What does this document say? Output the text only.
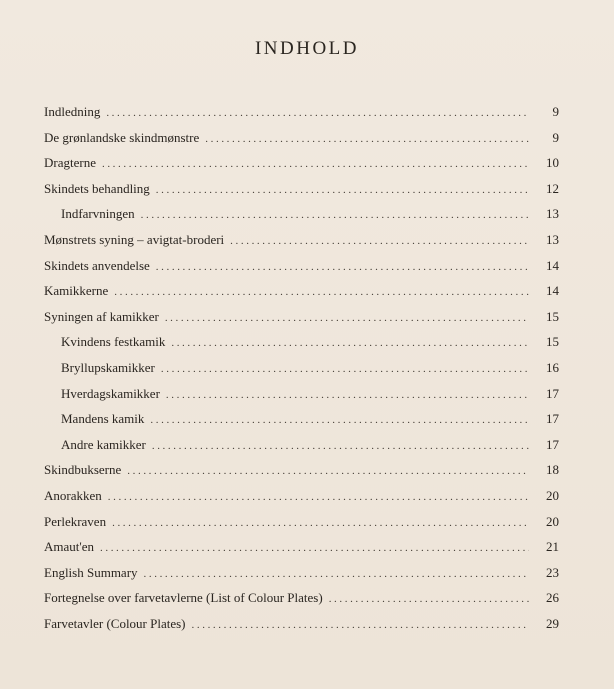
INDHOLD
Indledning .....	9
De grønlandske skindmønstre .....	9
Dragterne .....	10
Skindets behandling .....	12
Indfarvningen .....	13
Mønstrets syning – avigtat-broderi .....	13
Skindets anvendelse .....	14
Kamikkerne .....	14
Syningen af kamikker .....	15
Kvindens festkamik .....	15
Bryllupskamikker .....	16
Hverdagskamikker .....	17
Mandens kamik .....	17
Andre kamikker .....	17
Skindbukserne .....	18
Anorakken .....	20
Perlekraven .....	20
Amaut'en .....	21
English Summary .....	23
Fortegnelse over farvetavlerne (List of Colour Plates) .....	26
Farvetavler (Colour Plates) .....	29
